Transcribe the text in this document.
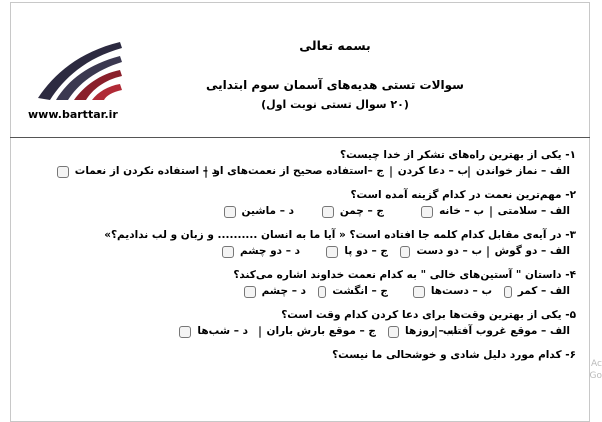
www.barttar.ir
بسمه تعالی
سوالات تستی هدیه‌های آسمان سوم ابتدایی
(۲۰ سوال تستی نوبت اول)
۱- یکی از بهترین راه‌های تشکر از خدا چیست؟
الف – نماز خواندن
ب – دعا کردن
ج –استفاده صحیح از نعمت‌های او
د – استفاده نکردن از نعمات
۲- مهم‌ترین نعمت در کدام گزینه آمده است؟
الف – سلامتی
ب – خانه
ج – چمن
د – ماشین
۳- در آیه‌ی مقابل کدام کلمه جا افتاده است؟ « آیا ما به انسان .......... و زبان و لب ندادیم؟»
الف – دو گوش
ب – دو دست
ج – دو پا
د – دو چشم
۴- داستان " آستین‌های خالی " به کدام نعمت خداوند اشاره می‌کند؟
الف – کمر
ب – دست‌ها
ج – انگشت
د – چشم
۵- یکی از بهترین وقت‌ها برای دعا کردن کدام وقت است؟
الف – موقع غروب آفتاب
ب – روزها
ج – موقع بارش باران
د – شب‌ها
۶- کدام مورد دلیل شادی و خوشحالی ما نیست؟
Ac
Go
